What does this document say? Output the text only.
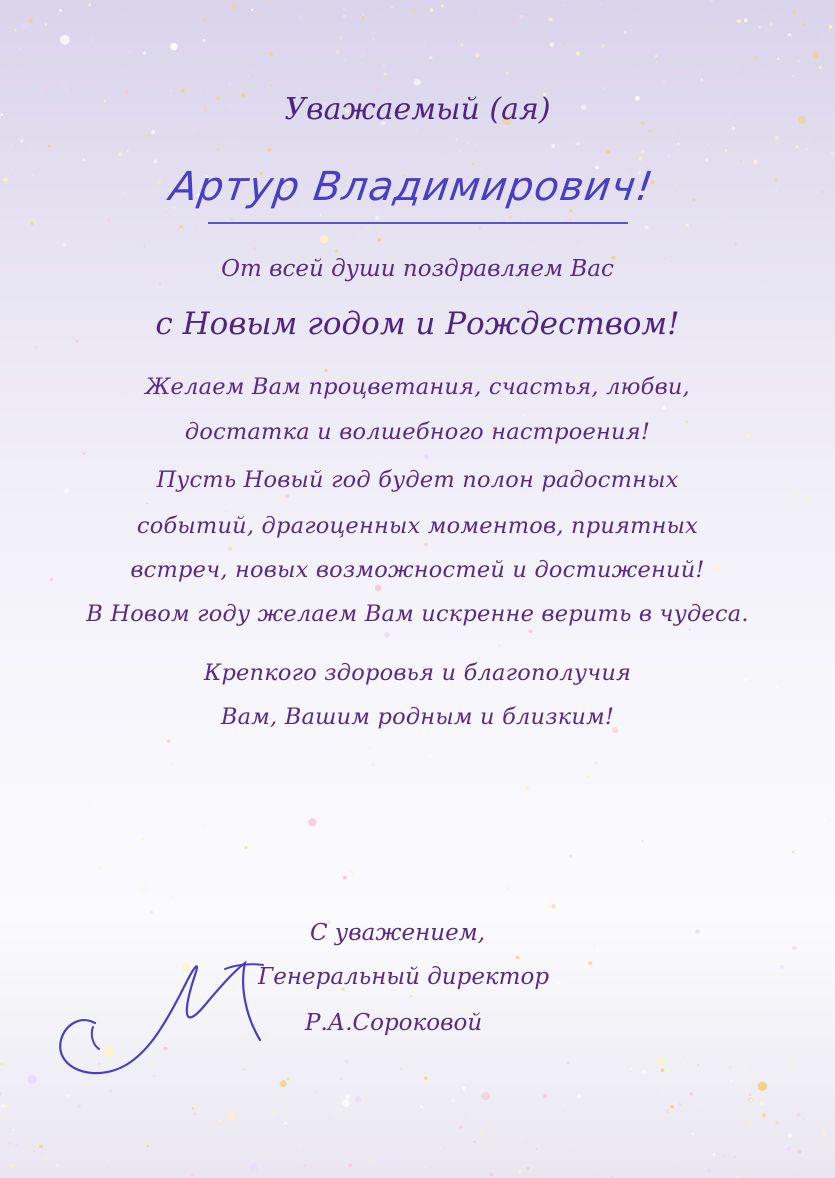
Уважаемый (ая)
Артур Владимирович!
От всей души поздравляем Вас
с Новым годом и Рождеством!
Желаем Вам процветания, счастья, любви,
достатка и волшебного настроения!
Пусть Новый год будет полон радостных
событий, драгоценных моментов, приятных
встреч, новых возможностей и достижений!
В Новом году желаем Вам искренне верить в чудеса.
Крепкого здоровья и благополучия
Вам, Вашим родным и близким!
С уважением,
Генеральный директор
Р.А.Сороковой
